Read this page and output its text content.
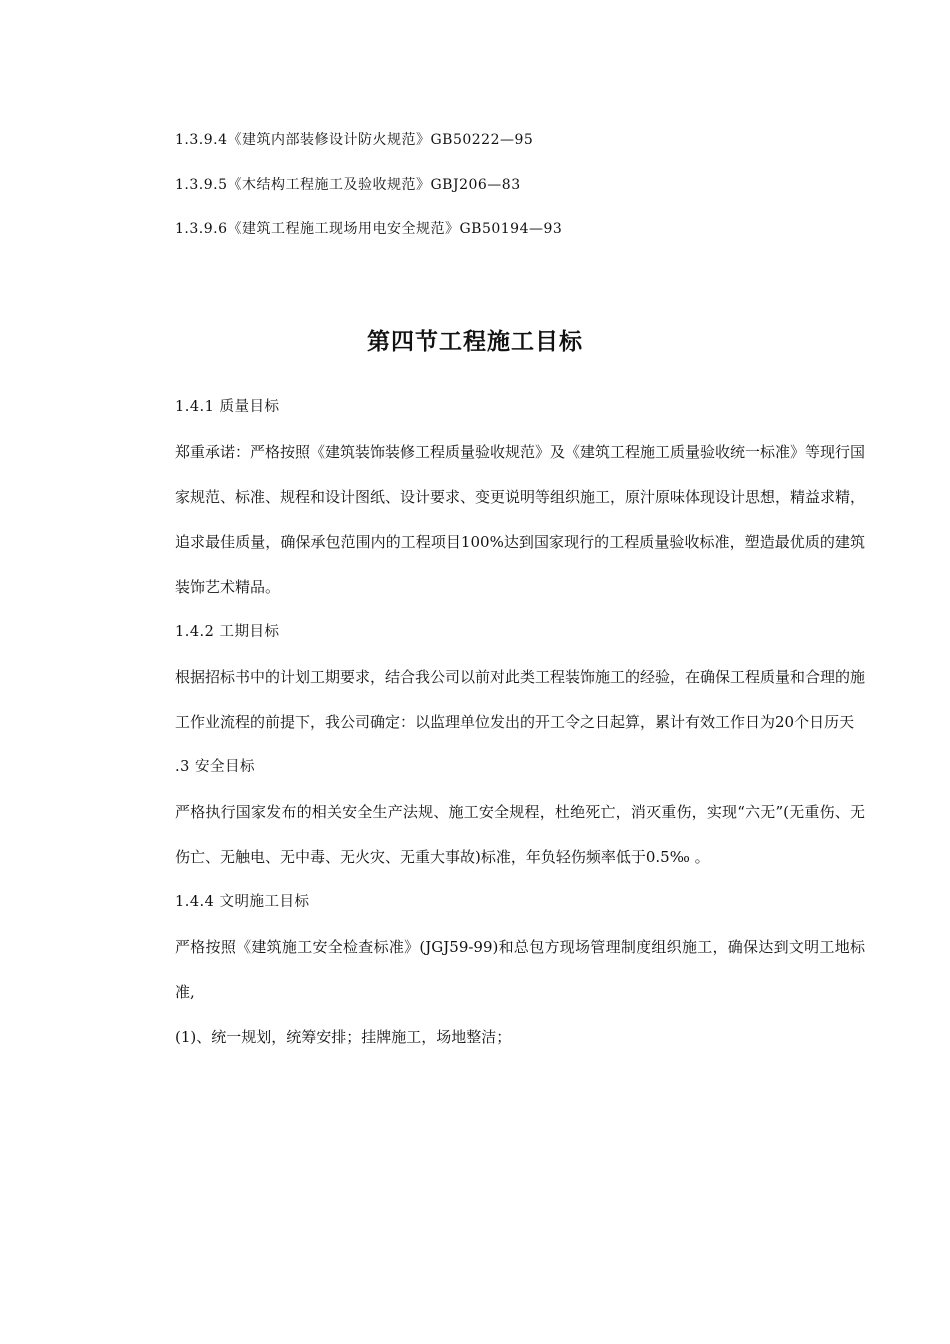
1.3.9.4《建筑内部装修设计防火规范》GB50222—95
1.3.9.5《木结构工程施工及验收规范》GBJ206—83
1.3.9.6《建筑工程施工现场用电安全规范》GB50194—93
第四节工程施工目标

1.4.1 质量目标

郑重承诺：严格按照《建筑装饰装修工程质量验收规范》及《建筑工程施工质量验收统一标准》等现行国家规范、标准、规程和设计图纸、设计要求、变更说明等组织施工，原汁原味体现设计思想，精益求精，追求最佳质量，确保承包范围内的工程项目100%达到国家现行的工程质量验收标准，塑造最优质的建筑装饰艺术精品。

1.4.2 工期目标

根据招标书中的计划工期要求，结合我公司以前对此类工程装饰施工的经验，在确保工程质量和合理的施工作业流程的前提下，我公司确定：以监理单位发出的开工令之日起算，累计有效工作日为20个日历天

.3 安全目标

严格执行国家发布的相关安全生产法规、施工安全规程，杜绝死亡，消灭重伤，实现“六无”(无重伤、无伤亡、无触电、无中毒、无火灾、无重大事故)标准，年负轻伤频率低于0.5‰ 。

1.4.4 文明施工目标

严格按照《建筑施工安全检查标准》(JGJ59-99)和总包方现场管理制度组织施工，确保达到文明工地标准,

(1)、统一规划，统筹安排；挂牌施工，场地整洁；
